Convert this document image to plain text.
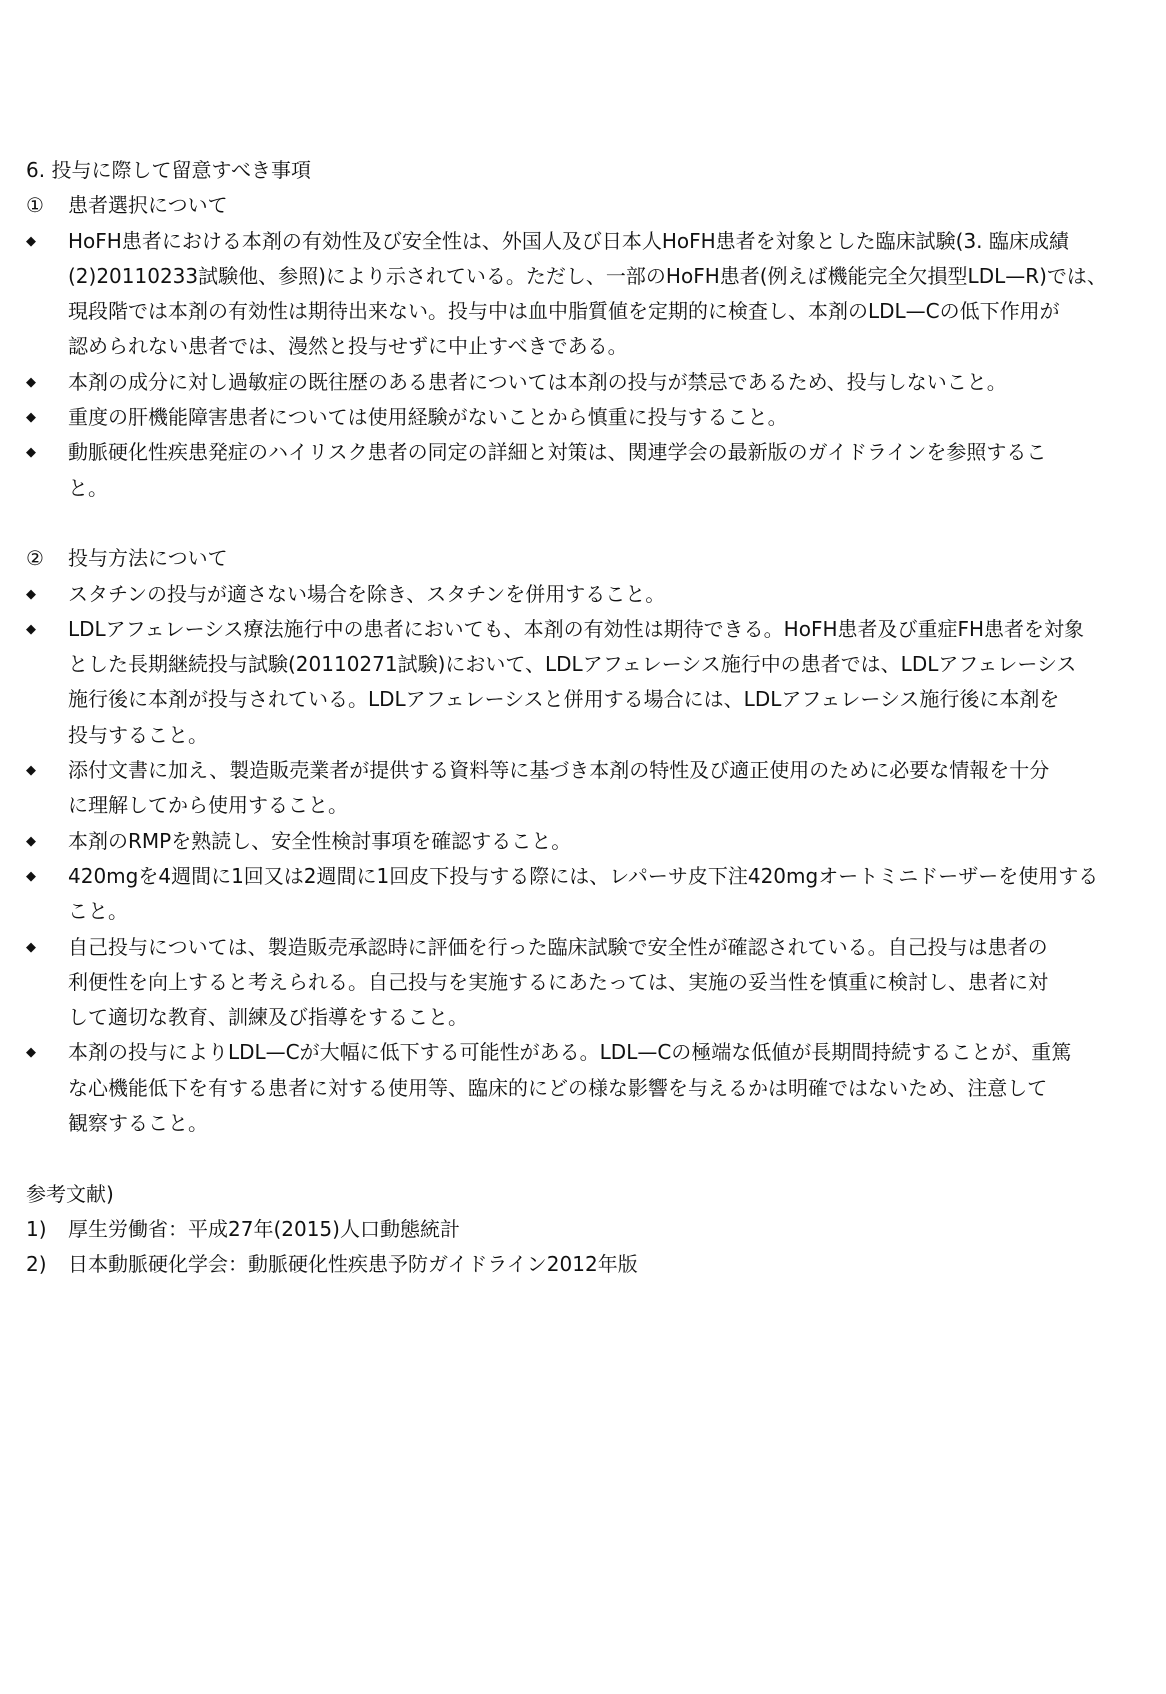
6. 投与に際して留意すべき事項
①	患者選択について
◆	HoFH患者における本剤の有効性及び安全性は、外国人及び日本人HoFH患者を対象とした臨床試験(3. 臨床成績
(2)20110233試験他、参照)により示されている。ただし、一部のHoFH患者(例えば機能完全欠損型LDL—R)では、
現段階では本剤の有効性は期待出来ない。投与中は血中脂質値を定期的に検査し、本剤のLDL—Cの低下作用が
認められない患者では、漫然と投与せずに中止すべきである。
◆	本剤の成分に対し過敏症の既往歴のある患者については本剤の投与が禁忌であるため、投与しないこと。
◆	重度の肝機能障害患者については使用経験がないことから慎重に投与すること。
◆	動脈硬化性疾患発症のハイリスク患者の同定の詳細と対策は、関連学会の最新版のガイドラインを参照するこ
と。
②	投与方法について
◆	スタチンの投与が適さない場合を除き、スタチンを併用すること。
◆	LDLアフェレーシス療法施行中の患者においても、本剤の有効性は期待できる。HoFH患者及び重症FH患者を対象
とした長期継続投与試験(20110271試験)において、LDLアフェレーシス施行中の患者では、LDLアフェレーシス
施行後に本剤が投与されている。LDLアフェレーシスと併用する場合には、LDLアフェレーシス施行後に本剤を
投与すること。
◆	添付文書に加え、製造販売業者が提供する資料等に基づき本剤の特性及び適正使用のために必要な情報を十分
に理解してから使用すること。
◆	本剤のRMPを熟読し、安全性検討事項を確認すること。
◆	420mgを4週間に1回又は2週間に1回皮下投与する際には、レパーサ皮下注420mgオートミニドーザーを使用する
こと。
◆	自己投与については、製造販売承認時に評価を行った臨床試験で安全性が確認されている。自己投与は患者の
利便性を向上すると考えられる。自己投与を実施するにあたっては、実施の妥当性を慎重に検討し、患者に対
して適切な教育、訓練及び指導をすること。
◆	本剤の投与によりLDL—Cが大幅に低下する可能性がある。LDL—Cの極端な低値が長期間持続することが、重篤
な心機能低下を有する患者に対する使用等、臨床的にどの様な影響を与えるかは明確ではないため、注意して
観察すること。
参考文献)
1)	厚生労働省：平成27年(2015)人口動態統計
2)	日本動脈硬化学会：動脈硬化性疾患予防ガイドライン2012年版
